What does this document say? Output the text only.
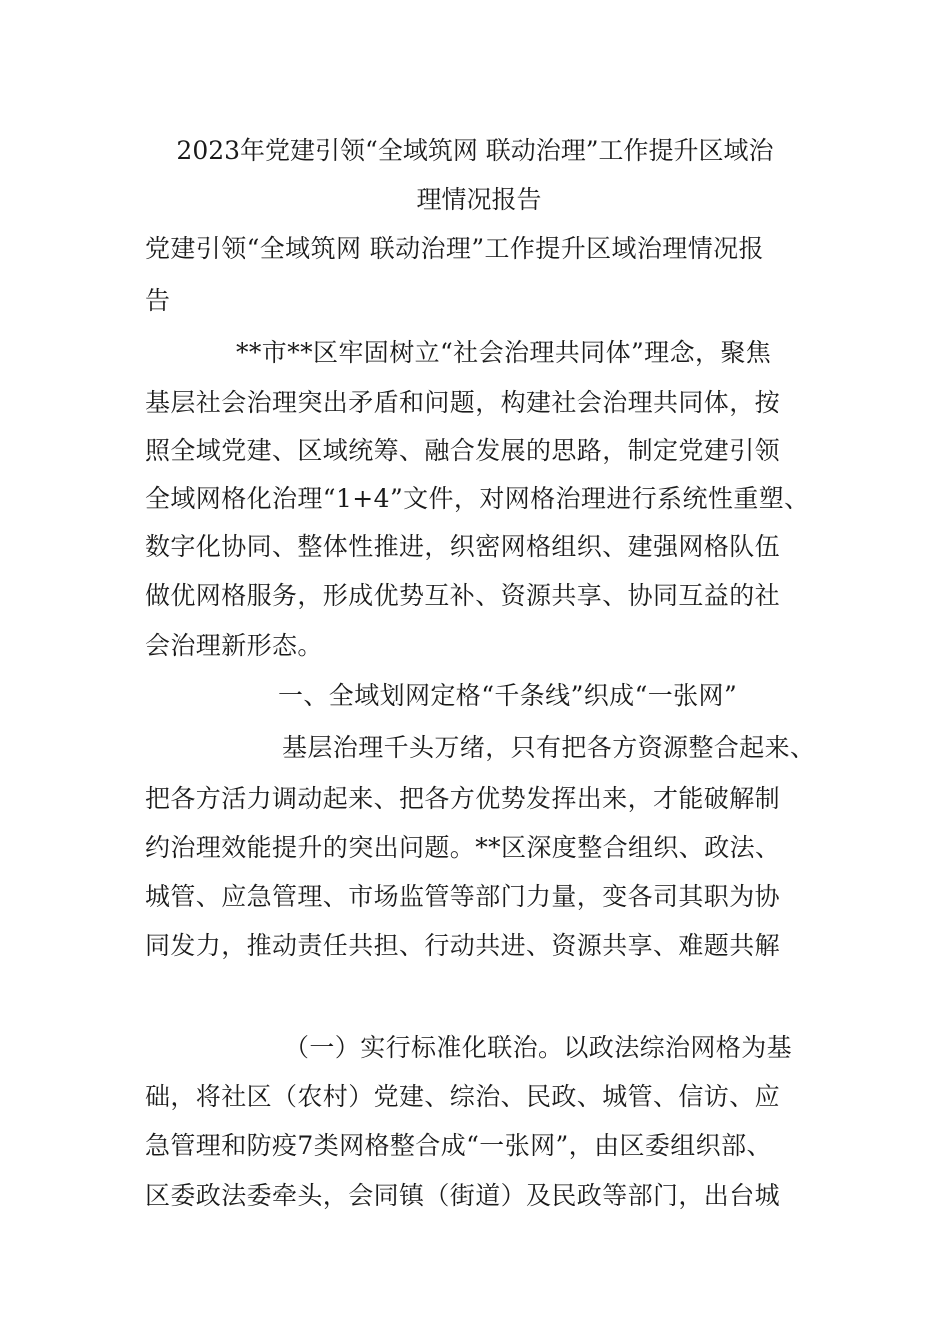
2023年党建引领“全域筑网 联动治理”工作提升区域治
理情况报告
党建引领“全域筑网 联动治理”工作提升区域治理情况报
告
**市**区牢固树立“社会治理共同体”理念，聚焦
基层社会治理突出矛盾和问题，构建社会治理共同体，按
照全域党建、区域统筹、融合发展的思路，制定党建引领
全域网格化治理“1+4”文件，对网格治理进行系统性重塑、
数字化协同、整体性推进，织密网格组织、建强网格队伍
做优网格服务，形成优势互补、资源共享、协同互益的社
会治理新形态。
一、全域划网定格“千条线”织成“一张网”
基层治理千头万绪，只有把各方资源整合起来、
把各方活力调动起来、把各方优势发挥出来，才能破解制
约治理效能提升的突出问题。**区深度整合组织、政法、
城管、应急管理、市场监管等部门力量，变各司其职为协
同发力，推动责任共担、行动共进、资源共享、难题共解
（一）实行标准化联治。以政法综治网格为基
础，将社区（农村）党建、综治、民政、城管、信访、应
急管理和防疫7类网格整合成“一张网”，由区委组织部、
区委政法委牵头，会同镇（街道）及民政等部门，出台城
